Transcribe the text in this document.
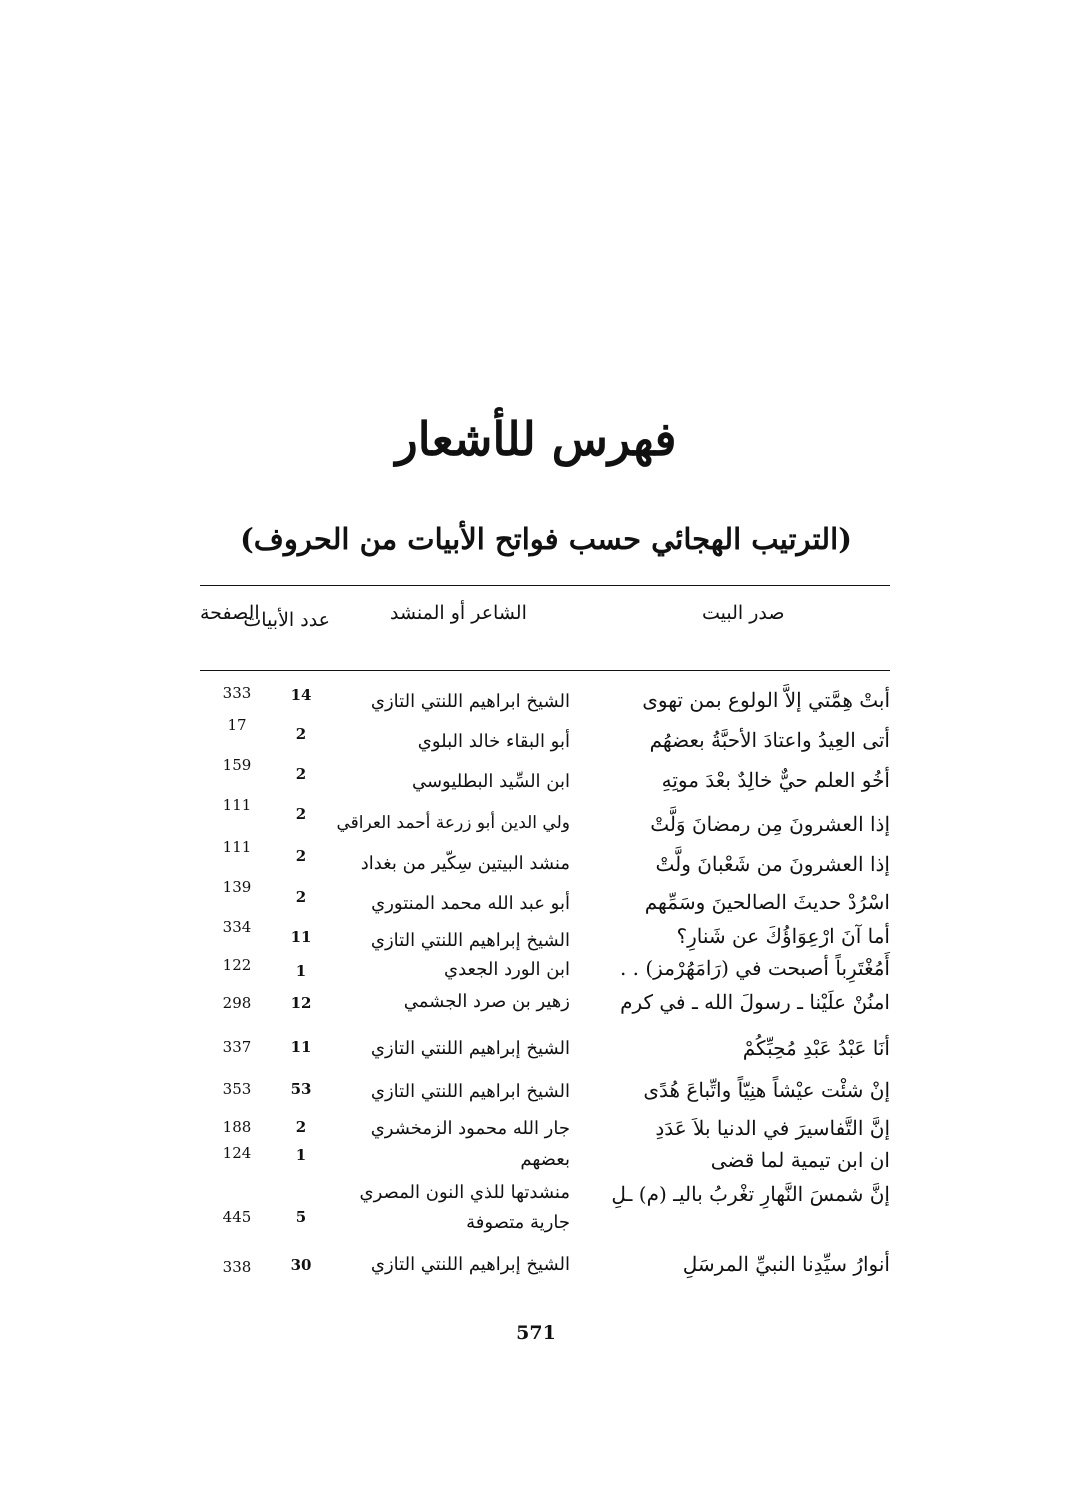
فهرس للأشعار
(الترتيب الهجائي حسب فواتح الأبيات من الحروف)
صدر البيت
الشاعر أو المنشد
عدد الأبيات
الصفحة
أبتْ هِمَّتي إلاَّ الولوع بمن تهوى
الشيخ ابراهيم اللنتي التازي
14
333
أتى العِيدُ واعتادَ الأحبَّةُ بعضهُم
أبو البقاء خالد البلوي
2
17
أخُو العلم حيٌّ خالِدٌ بعْدَ موتِهِ
ابن السِّيد البطليوسي
2
159
إذا العشرونَ مِن رمضانَ وَلَّتْ
ولي الدين أبو زرعة أحمد العراقي
2
111
إذا العشرونَ من شَعْبانَ ولَّتْ
منشد البيتين سِكّير من بغداد
2
111
اسْرُدْ حديثَ الصالحينَ وسَمِّهم
أبو عبد الله محمد المنتوري
2
139
أما آنَ ارْعِوَاؤُكَ عن شَنارِ؟
الشيخ إبراهيم اللنتي التازي
11
334
أَمُغْتَرِباً أصبحت في (رَامَهُرْمز) . .
ابن الورد الجعدي
1
122
امنُنْ علَيْنا ـ رسولَ الله ـ في كرم
زهير بن صرد الجشمي
12
298
أنَا عَبْدُ عَبْدِ مُحِبِّكُمْ
الشيخ إبراهيم اللنتي التازي
11
337
إنْ شئْت عيْشاً هنِيّاً واتِّباعَ هُدًى
الشيخ ابراهيم اللنتي التازي
53
353
إنَّ التَّفاسيرَ في الدنيا بلاَ عَدَدِ
جار الله محمود الزمخشري
2
188
ان ابن تيمية لما قضى
بعضهم
1
124
إنَّ شمسَ النَّهارِ تغْربُ باليـ (م) ـلِ
منشدتها للذي النون المصري
جارية متصوفة
5
445
أنوارُ سيِّدِنا النبيِّ المرسَلِ
الشيخ إبراهيم اللنتي التازي
30
338
571
